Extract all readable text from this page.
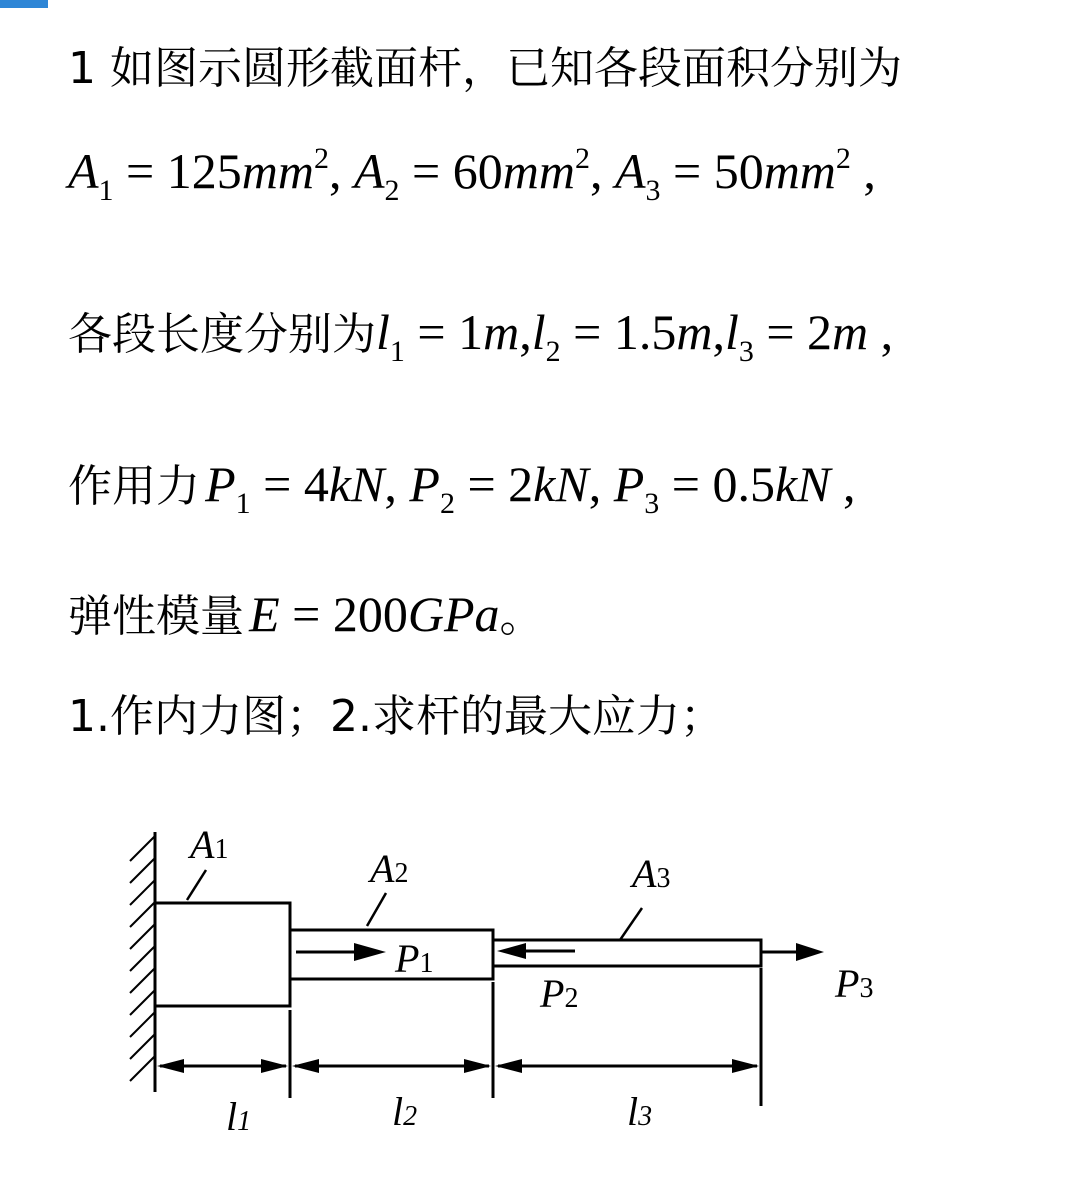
1 如图示圆形截面杆，已知各段面积分别为
$A_1 = 125mm^2$, $A_2 = 60mm^2$, $A_3 = 50mm^2$ ,
各段长度分别为$l_1 = 1m,l_2 = 1.5m,l_3 = 2m$ ,
作用力 $P_1 = 4kN$, $P_2 = 2kN$, $P_3 = 0.5kN$ ,
弹性模量 E = 200GPa。
1.作内力图；2.求杆的最大应力；
A1	A2	A3
P1
P2	P3
l1	l2	l3
